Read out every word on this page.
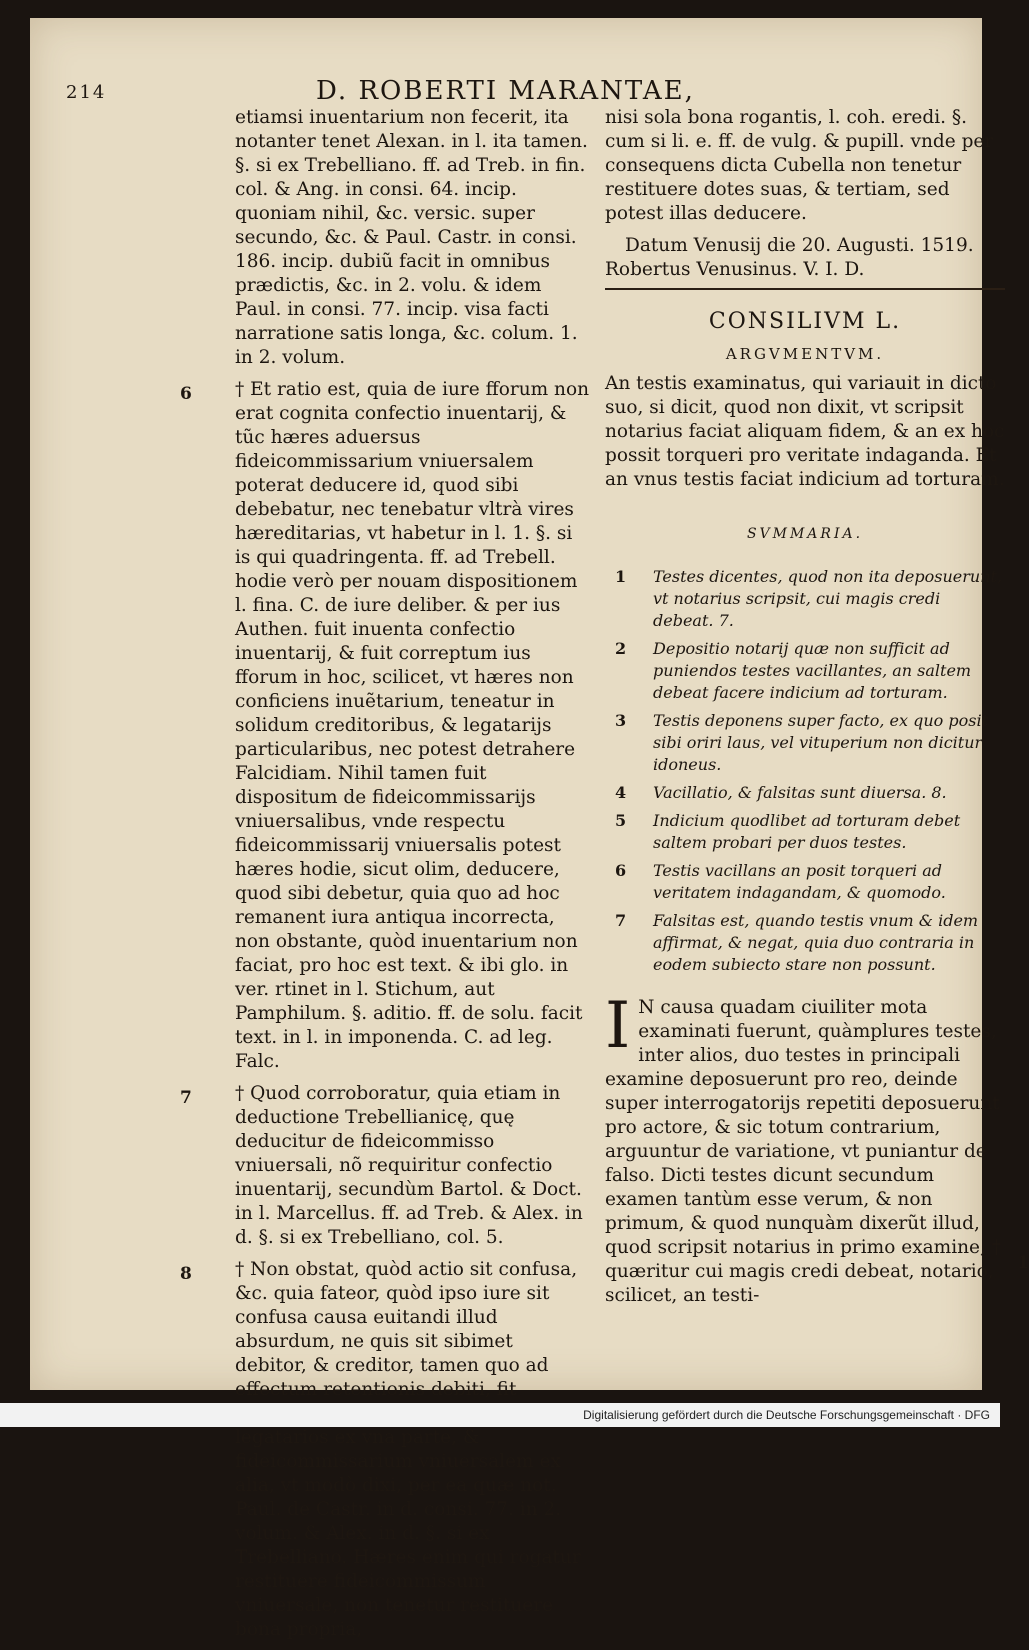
214	D. ROBERTI MARANTAE,

etiamsi inuentarium non fecerit, ita notanter tenet Alexan. in l. ita tamen. §. si ex Trebelliano. ff. ad Treb. in fin. col. & Ang. in consi. 64. incip. quoniam nihil, &c. versic. super secundo, &c. & Paul. Castr. in consi. 186. incip. dubiũ facit in omnibus prædictis, &c. in 2. volu. & idem Paul. in consi. 77. incip. visa facti narratione satis longa, &c. colum. 1. in 2. volum.

6 † Et ratio est, quia de iure fforum non erat cognita confectio inuentarij, & tũc hæres aduersus fideicommissarium vniuersalem poterat deducere id, quod sibi debebatur, nec tenebatur vltrà vires hæreditarias, vt habetur in l. 1. §. si is qui quadringenta. ff. ad Trebell. hodie verò per nouam dispositionem l. fina. C. de iure deliber. & per ius Authen. fuit inuenta confectio inuentarij, & fuit correptum ius fforum in hoc, scilicet, vt hæres non conficiens inuẽtarium, teneatur in solidum creditoribus, & legatarijs particularibus, nec potest detrahere Falcidiam. Nihil tamen fuit dispositum de fideicommissarijs vniuersalibus, vnde respectu fideicommissarij vniuersalis potest hæres hodie, sicut olim, deducere, quod sibi debetur, quia quo ad hoc remanent iura antiqua incorrecta, non obstante, quòd inuentarium non faciat, pro hoc est text. & ibi glo. in ver. rtinet in l. Stichum, aut Pamphilum. §. aditio. ff. de solu. facit text. in l. in imponenda. C. ad leg. Falc.

7 † Quod corroboratur, quia etiam in deductione Trebellianicę, quę deducitur de fideicommisso vniuersali, nõ requiritur confectio inuentarij, secundùm Bartol. & Doct. in l. Marcellus. ff. ad Treb. & Alex. in d. §. si ex Trebelliano, col. 5.

8 † Non obstat, quòd actio sit confusa, &c. quia fateor, quòd ipso iure sit confusa causa euitandi illud absurdum, ne quis sit sibimet debitor, & creditor, tamen quo ad effectum retentionis debiti, fit legatarios ex vna parte, & fideicommissarium vniuersalem ex alia, vt modò dixi, per ea quæ not. Paul. de Castr. in d. consi. 77. in 2. volum. & Alex. in d. §. si ex Trebelliano. Hæres enim qui rogatur restituere fideicommissum vniuersale, non tenetur restituere bona propria,

nisi sola bona rogantis, l. coh. eredi. §. cum si li. e. ff. de vulg. & pupill. vnde per consequens dicta Cubella non tenetur restituere dotes suas, & tertiam, sed potest illas deducere.

Datum Venusij die 20. Augusti. 1519.

Robertus Venusinus. V. I. D.

CONSILIVM L.
ARGVMENTVM.

An testis examinatus, qui variauit in dicto suo, si dicit, quod non dixit, vt scripsit notarius faciat aliquam fidem, & an ex hoc possit torqueri pro veritate indaganda. Et an vnus testis faciat indicium ad torturam.

SVMMARIA.
1 Testes dicentes, quod non ita deposuerunt, vt notarius scripsit, cui magis credi debeat. 7.
2 Depositio notarij quæ non sufficit ad puniendos testes vacillantes, an saltem debeat facere indicium ad torturam.
3 Testis deponens super facto, ex quo posit sibi oriri laus, vel vituperium non dicitur idoneus.
4 Vacillatio, & falsitas sunt diuersa. 8.
5 Indicium quodlibet ad torturam debet saltem probari per duos testes.
6 Testis vacillans an posit torqueri ad veritatem indagandam, & quomodo.
7 Falsitas est, quando testis vnum & idem affirmat, & negat, quia duo contraria in eodem subiecto stare non possunt.
I N causa quadam ciuiliter mota examinati fuerunt, quàmplures testes, inter alios, duo testes in principali examine deposuerunt pro reo, deinde super interrogatorijs repetiti deposuerunt pro actore, & sic totum contrarium, arguuntur de variatione, vt puniantur de falso. Dicti testes dicunt secundum examen tantùm esse verum, & non primum, & quod nunquàm dixerũt illud, quod scripsit notarius in primo examine, † quæritur cui magis credi debeat, notario, scilicet, an testi-
1
Digitalisierung gefördert durch die Deutsche Forschungsgemeinschaft · DFG
